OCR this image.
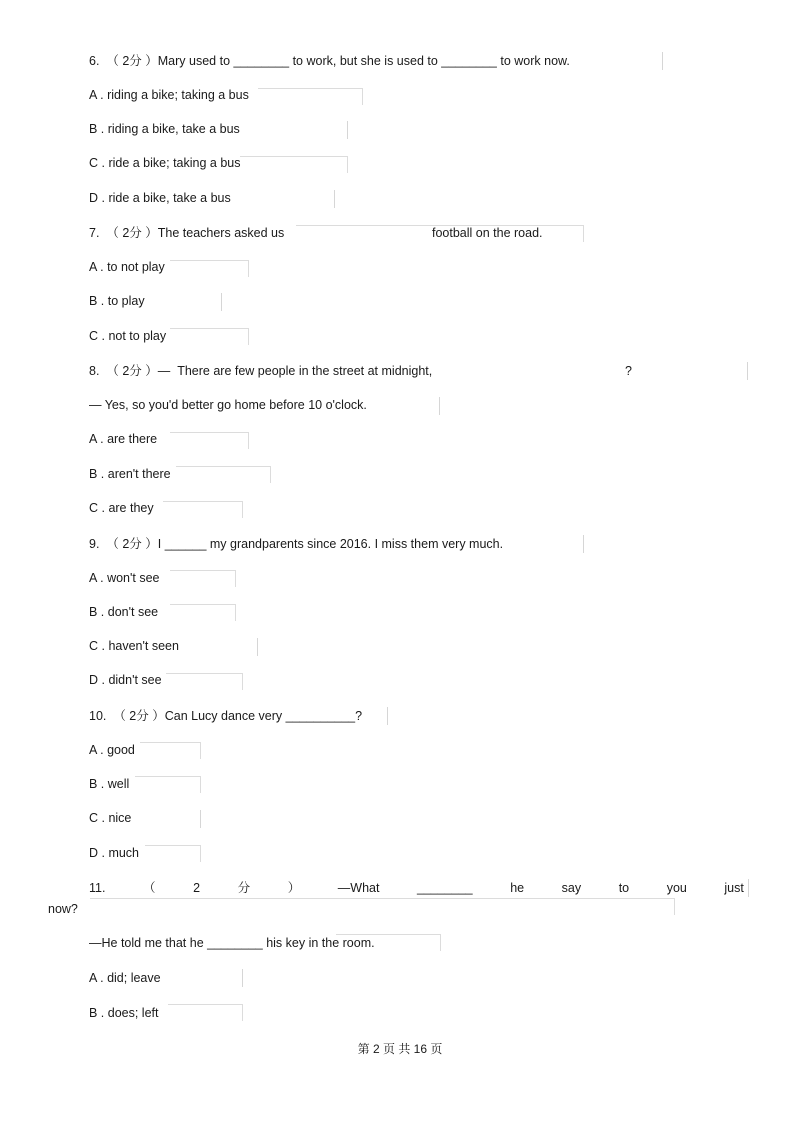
6.  （ 2分 ）Mary used to ________ to work, but she is used to ________ to work now.
A . riding a bike; taking a bus
B . riding a bike, take a bus
C . ride a bike; taking a bus
D . ride a bike, take a bus
7.  （ 2分 ）The teachers asked us	football on the road.
A . to not play
B . to play
C . not to play
8.  （ 2分 ）—  There are few people in the street at midnight,	?
— Yes, so you'd better go home before 10 o'clock.
A . are there
B . aren't there
C . are they
9.  （ 2分 ）I ______ my grandparents since 2016. I miss them very much.
A . won't see
B . don't see
C . haven't seen
D . didn't see
10.  （ 2分 ）Can Lucy dance very __________?
A . good
B . well
C . nice
D . much
11.	（	2	分	）	—What	________	he	say	to	you	just
now?
—He told me that he ________ his key in the room.
A . did; leave
B . does; left
第 2 页 共 16 页
